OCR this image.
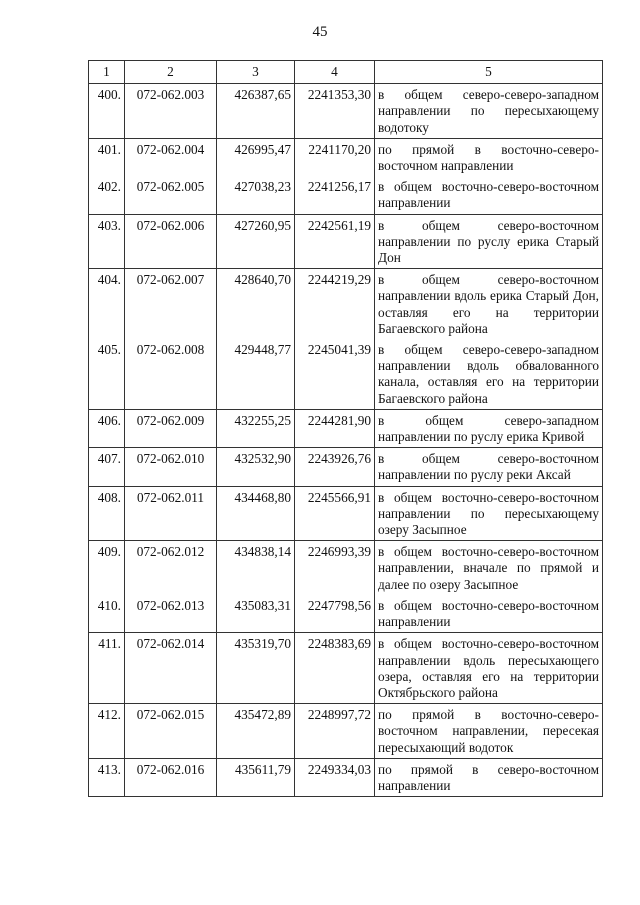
45
1	2	3	4	5
400.	072-062.003	426387,65	2241353,30	в общем северо-северо-западном направлении по пересыхающему водотоку
401.	072-062.004	426995,47	2241170,20	по прямой в восточно-северо-восточном направлении
402.	072-062.005	427038,23	2241256,17	в общем восточно-северо-восточном направлении
403.	072-062.006	427260,95	2242561,19	в общем северо-восточном направлении по руслу ерика Старый Дон
404.	072-062.007	428640,70	2244219,29	в общем северо-восточном направлении вдоль ерика Старый Дон, оставляя его на территории Багаевского района
405.	072-062.008	429448,77	2245041,39	в общем северо-северо-западном направлении вдоль обвалованного канала, оставляя его на территории Багаевского района
406.	072-062.009	432255,25	2244281,90	в общем северо-западном направлении по руслу ерика Кривой
407.	072-062.010	432532,90	2243926,76	в общем северо-восточном направлении по руслу реки Аксай
408.	072-062.011	434468,80	2245566,91	в общем восточно-северо-восточном направлении по пересыхающему озеру Засыпное
409.	072-062.012	434838,14	2246993,39	в общем восточно-северо-восточном направлении, вначале по прямой и далее по озеру Засыпное
410.	072-062.013	435083,31	2247798,56	в общем восточно-северо-восточном направлении
411.	072-062.014	435319,70	2248383,69	в общем восточно-северо-восточном направлении вдоль пересыхающего озера, оставляя его на территории Октябрьского района
412.	072-062.015	435472,89	2248997,72	по прямой в восточно-северо-восточном направлении, пересекая пересыхающий водоток
413.	072-062.016	435611,79	2249334,03	по прямой в северо-восточном направлении
